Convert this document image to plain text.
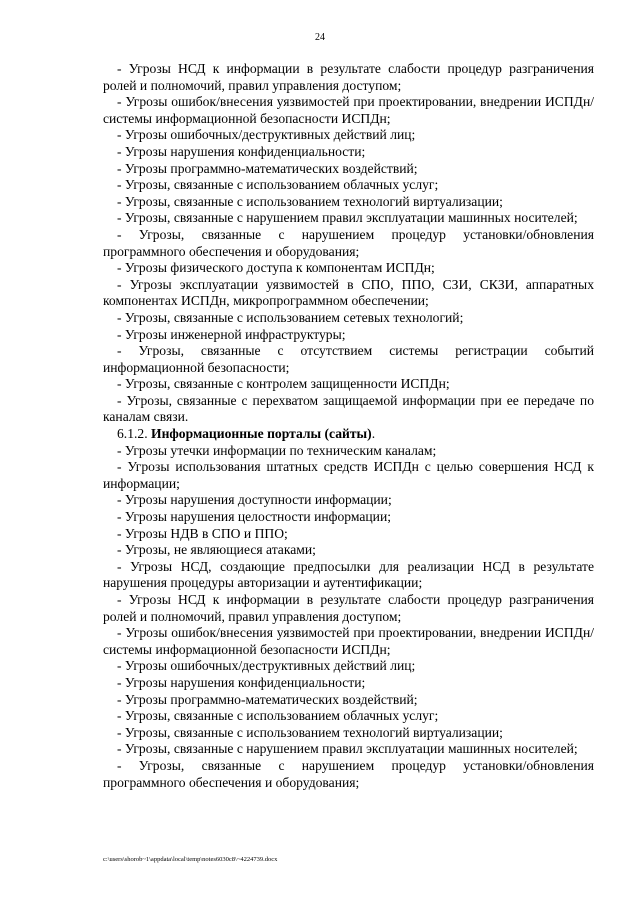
24

- Угрозы НСД к информации в результате слабости процедур разграничения ролей и полномочий, правил управления доступом;

- Угрозы ошибок/внесения уязвимостей при проектировании, внедрении ИСПДн/системы информационной безопасности ИСПДн;

- Угрозы ошибочных/деструктивных действий лиц;

- Угрозы нарушения конфиденциальности;

- Угрозы программно-математических воздействий;

- Угрозы, связанные с использованием облачных услуг;

- Угрозы, связанные с использованием технологий виртуализации;

- Угрозы, связанные с нарушением правил эксплуатации машинных носителей;

- Угрозы, связанные с нарушением процедур установки/обновления программного обеспечения и оборудования;

- Угрозы физического доступа к компонентам ИСПДн;

- Угрозы эксплуатации уязвимостей в СПО, ППО, СЗИ, СКЗИ, аппаратных компонентах ИСПДн, микропрограммном обеспечении;

- Угрозы, связанные с использованием сетевых технологий;

- Угрозы инженерной инфраструктуры;

- Угрозы, связанные с отсутствием системы регистрации событий информационной безопасности;

- Угрозы, связанные с контролем защищенности ИСПДн;

- Угрозы, связанные с перехватом защищаемой информации при ее передаче по каналам связи.

6.1.2. Информационные порталы (сайты).

- Угрозы утечки информации по техническим каналам;

- Угрозы использования штатных средств ИСПДн с целью совершения НСД к информации;

- Угрозы нарушения доступности информации;

- Угрозы нарушения целостности информации;

- Угрозы НДВ в СПО и ППО;

- Угрозы, не являющиеся атаками;

- Угрозы НСД, создающие предпосылки для реализации НСД в результате нарушения процедуры авторизации и аутентификации;

- Угрозы НСД к информации в результате слабости процедур разграничения ролей и полномочий, правил управления доступом;

- Угрозы ошибок/внесения уязвимостей при проектировании, внедрении ИСПДн/системы информационной безопасности ИСПДн;

- Угрозы ошибочных/деструктивных действий лиц;

- Угрозы нарушения конфиденциальности;

- Угрозы программно-математических воздействий;

- Угрозы, связанные с использованием облачных услуг;

- Угрозы, связанные с использованием технологий виртуализации;

- Угрозы, связанные с нарушением правил эксплуатации машинных носителей;

- Угрозы, связанные с нарушением процедур установки/обновления программного обеспечения и оборудования;

c:\users\shorob~1\appdata\local\temp\notes6030c8\~4224739.docx
